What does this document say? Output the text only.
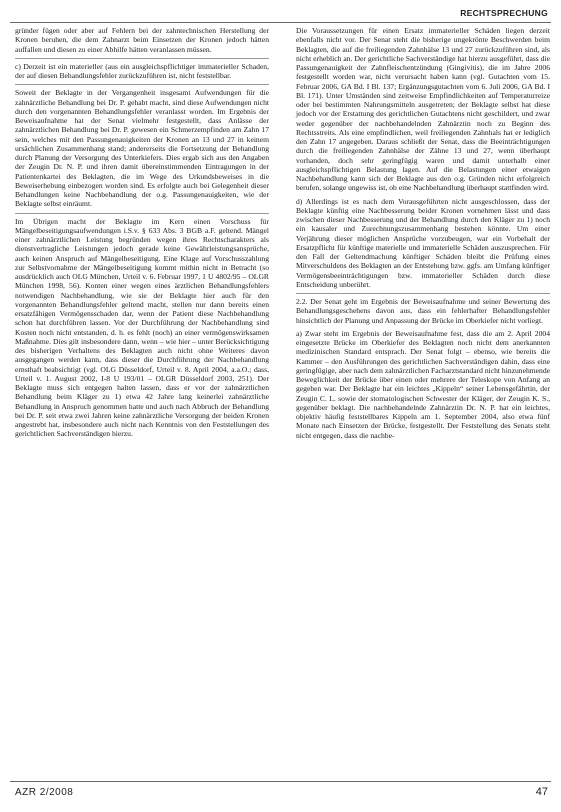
RECHTSPRECHUNG

gründer fügen oder aber auf Fehlern bei der zahntechnischen Herstellung der Kronen beruhen, die dem Zahnarzt beim Einsetzen der Kronen jedoch hätten auffallen und diesen zu einer Abhilfe hätten veranlassen müssen.

c) Derzeit ist ein materieller (aus ein ausgleichspflichtiger immaterieller Schaden, der auf diesen Behandlungsfehler zurückzuführen ist, nicht feststellbar.

Soweit der Beklagte in der Vergangenheit insgesamt Aufwendungen für die zahnärztliche Behandlung bei Dr. P. gehabt macht, sind diese Aufwendungen nicht durch den vorgenannten Behandlungsfehler veranlasst worden. Im Ergebnis der Beweisaufnahme hat der Senat vielmehr festgestellt, dass Anlässe der zahnärztlichen Behandlung bei Dr. P. gewesen ein Schmerzempfinden am Zahn 17 sein, welches mit den Passungenauigkeiten der Kronen an 13 und 27 in keinem ursächlichen Zusammenhang stand; andererseits die Fortsetzung der Behandlung durch Planung der Versorgung des Unterkiefers. Dies ergab sich aus den Angaben der Zeugin Dr. N. P. und ihren damit übereinstimmenden Eintragungen in der Patientenkartei des Beklagten, die im Wege des Urkundsbeweises in die Beweiserhebung einbezogen worden sind. Es erfolgte auch bei Gelegenheit dieser Behandlungen keine Nachbehandlung der o.g. Passungenauigkeiten, wie der Beklagte selbst einräumt.

Im Übrigen macht der Beklagte im Kern einen Vorschuss für Mängelbeseitigungsaufwendungen i.S.v. § 633 Abs. 3 BGB a.F. geltend. Mängel einer zahnärztlichen Leistung begründen wegen ihres Rechtscharakters als dienstvertragliche Leistungen jedoch gerade keine Gewährleistungsansprüche, auch keinen Anspruch auf Mängelbeseitigung. Eine Klage auf Vorschusszahlung zur Selbstvornahme der Mängelbeseitigung kommt mithin nicht in Betracht (so ausdrücklich auch OLG München, Urteil v. 6. Februar 1997, 1 U 4802/95 – OLGR München 1998, 56). Konten einer wegen eines ärztlichen Behandlungsfehlers notwendigen Nachbehandlung, wie sie der Beklagte hier auch für den vorgenannten Behandlungsfehler geltend macht, stellen nur dann bereits einen ersatzfähigen Vermögensschaden dar, wenn der Patient diese Nachbehandlung schon hat durchführen lassen. Vor der Durchführung der Nachbehandlung sind Kosten noch nicht entstanden, d. h. es fehlt (noch) an einer vermögenswirksamen Maßnahme. Dies gilt insbesondere dann, wenn – wie hier – unter Berücksichtigung des bisherigen Verhaltens des Beklagten auch nicht ohne Weiteres davon ausgegangen werden kann, dass dieser die Durchführung der Nachbehandlung ernsthaft beabsichtigt (vgl. OLG Düsseldorf, Urteil v. 8. April 2004, a.a.O.; dass, Urteil v. 1. August 2002, I-8 U 193/01 – OLGR Düsseldorf 2003, 251). Der Beklagte muss sich entgegen halten lassen, dass er vor der zahnärztlichen Behandlung beim Kläger zu 1) etwa 42 Jahre lang keinerlei zahnärztliche Behandlung in Anspruch genommen hatte und auch nach Abbruch der Behandlung bei Dr. P. seit etwa zwei Jahren keine zahnärztliche Versorgung der beiden Kronen angestrebt hat, insbesondere auch nicht nach Kenntnis von den Feststellungen des gerichtlichen Sachverständigen hierzu.

Die Voraussetzungen für einen Ersatz immaterieller Schäden liegen derzeit ebenfalls nicht vor. Der Senat steht die bisherige ungekrönte Beschwerden beim Beklagten, die auf die freiliegenden Zahnhälse 13 und 27 zurückzuführen sind, als nicht erheblich an. Der gerichtliche Sachverständige hat hierzu ausgeführt, dass die Passungenauigkeit der Zahnfleischentzündung (Gingivitis), die im Jahre 2006 festgestellt worden war, nicht verursacht haben kann (vgl. Gutachten vom 15. Februar 2006, GA Bd. I Bl. 137; Ergänzungsgutachten vom 6. Juli 2006, GA Bd. I Bl. 171). Unter Umständen sind zeitweise Empfindlichkeiten auf Temperaturreize oder bei bestimmten Nahrungsmitteln ausgetreten; der Beklagte selbst hat diese jedoch vor der Erstattung des gerichtlichen Gutachtens nicht geschildert, und zwar weder gegenüber der nachbehandelnden Zahnärztin noch zu Beginn des Rechtsstreits. Als eine empfindlichen, weil freiliegenden Zahnhals hat er lediglich den Zahn 17 angegeben. Daraus schließt der Senat, dass die Beeinträchtigungen durch die freiliegenden Zahnhälse der Zähne 13 und 27, wenn überhaupt vorhanden, doch sehr geringfügig waren und damit unterhalb einer ausgleichspflichtigen Belastung lagen. Auf die Belastungen einer etwaigen Nachbehandlung kann sich der Beklagte aus den o.g. Gründen nicht erfolgreich berufen, solange ungewiss ist, ob eine Nachbehandlung überhaupt stattfinden wird.

d) Allerdings ist es nach dem Vorausgeführten nicht ausgeschlossen, dass der Beklagte künftig eine Nachbesserung beider Kronen vornehmen lässt und dass zwischen dieser Nachbesserung und der Behandlung durch den Kläger zu 1) noch ein kausaler und Zurechnungszusammenhang bestehen könnte. Um einer Verjährung dieser möglichen Ansprüche vorzubeugen, war ein Vorbehalt der Ersatzpflicht für künftige materielle und immaterielle Schäden auszusprechen. Für den Fall der Geltendmachung künftiger Schäden bleibt die Prüfung eines Mitverschuldens des Beklagten an der Entstehung bzw. ggfs. am Umfang künftiger Vermögensbeeinträchtigungen bzw. immaterieller Schäden durch diese Entscheidung unberührt.

2.2. Der Senat geht im Ergebnis der Beweisaufnahme und seiner Bewertung des Behandlungsgeschehens davon aus, dass ein fehlerhafter Behandlungsfehler hinsichtlich der Planung und Anpassung der Brücke im Oberkiefer nicht vorliegt.

a) Zwar steht im Ergebnis der Beweisaufnahme fest, dass die am 2. April 2004 eingesetzte Brücke im Oberkiefer des Beklagten noch nicht dem anerkannten medizinischen Standard entsprach. Der Senat folgt – ebenso, wie bereits die Kammer – den Ausführungen des gerichtlichen Sachverständigen dahin, dass eine geringfügige, aber nach dem zahnärztlichen Facharztstandard nicht hinzunehmende Beweglichkeit der Brücke über einen oder mehrere der Teleskope von Anfang an gegeben war. Der Beklagte hat ein leichtes „Kippeln“ seiner Lebensgefährtin, der Zeugin C. L. sowie der stomatologischen Schwester der Kläger, der Zeugin K. S., gegenüber beklagt. Die nachbehandelnde Zahnärztin Dr. N. P. hat ein leichtes, objektiv häufig feststellbares Kippeln am 1. September 2004, also etwa fünf Monate nach Einsetzen der Brücke, festgestellt. Der Feststellung des Senats steht nicht entgegen, dass die nachbe-

AZR 2/2008	47
